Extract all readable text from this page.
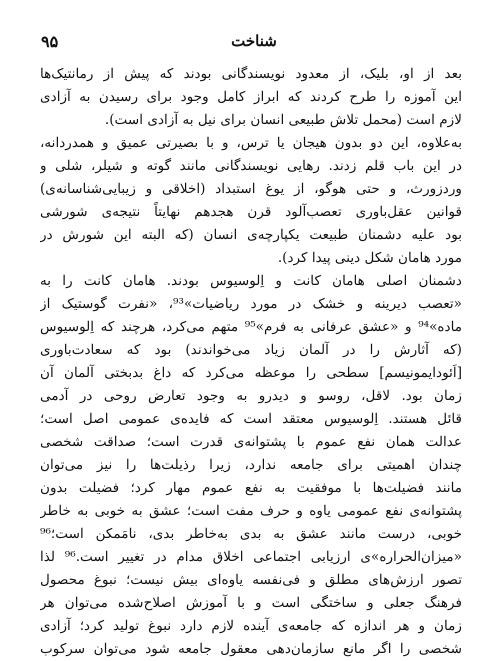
۹۵	شناخت
بعد از او، بلیک، از معدود نویسندگانی بودند که پیش از رمانتیک‌ها
این آموزه را طرح کردند که ابراز کامل وجود برای رسیدن به آزادی
لازم است (محمل تلاش طبیعی انسان برای نیل به آزادی است).
به‌علاوه، این دو بدون هیجان یا ترس، و با بصیرتی عمیق و همدردانه،
در این باب قلم زدند. رهایی نویسندگانی مانند گوته و شیلر، شلی و
وردزورث، و حتی هوگو، از یوغ استبداد (اخلاقی و زیبایی‌شناسانه‌ی)
قوانین عقل‌باوری تعصب‌آلود قرن هجدهم نهایتاً نتیجه‌ی شورشی
بود علیه دشمنان طبیعت یکپارچه‌ی انسان (که البته این شورش در
مورد هامان شکل دینی پیدا کرد).
دشمنان اصلی هامان کانت و اِلوسیوس بودند. هامان کانت را به
«تعصب دیرینه و خشک در مورد ریاضیات»⁹³، «نفرت گوستیک از
ماده»⁹⁴ و «عشق عرفانی به فرم»⁹⁵ متهم می‌کرد، هرچند که اِلوسیوس
(که آثارش را در آلمان زیاد می‌خواندند) بود که سعادت‌باوری
[اَئودایمونیسم] سطحی را موعظه می‌کرد که داغ بدبختی آلمان آن
زمان بود. لاقل، روسو و دیدرو به وجود تعارض روحی در آدمی
قائل هستند. اِلوسیوس معتقد است که فایده‌ی عمومی اصل است؛
عدالت همان نفع عموم با پشتوانه‌ی قدرت است؛ صداقت شخصی
چندان اهمیتی برای جامعه ندارد، زیرا رذیلت‌ها را نیز می‌توان
مانند فضیلت‌ها با موفقیت به نفع عموم مهار کرد؛ فضیلت بدون
پشتوانه‌ی نفع عمومی یاوه و حرف مفت است؛ عشق به خوبی به خاطر
خوبی، درست مانند عشق به بدی به‌خاطر بدی، نامَمکن است؛⁹⁶
«میزان‌الحراره»ی ارزیابی اجتماعی اخلاق مدام در تغییر است.⁹⁶ لذا
تصور ارزش‌های مطلق و فی‌نفسه یاوه‌ای بیش نیست؛ نبوغ محصول
فرهنگ جعلی و ساختگی است و با آموزش اصلاح‌شده می‌توان هر
زمان و هر اندازه که جامعه‌ی آینده لازم دارد نبوغ تولید کرد؛ آزادی
شخصی را اگر مانع سازمان‌دهی معقول جامعه شود می‌توان سرکوب
